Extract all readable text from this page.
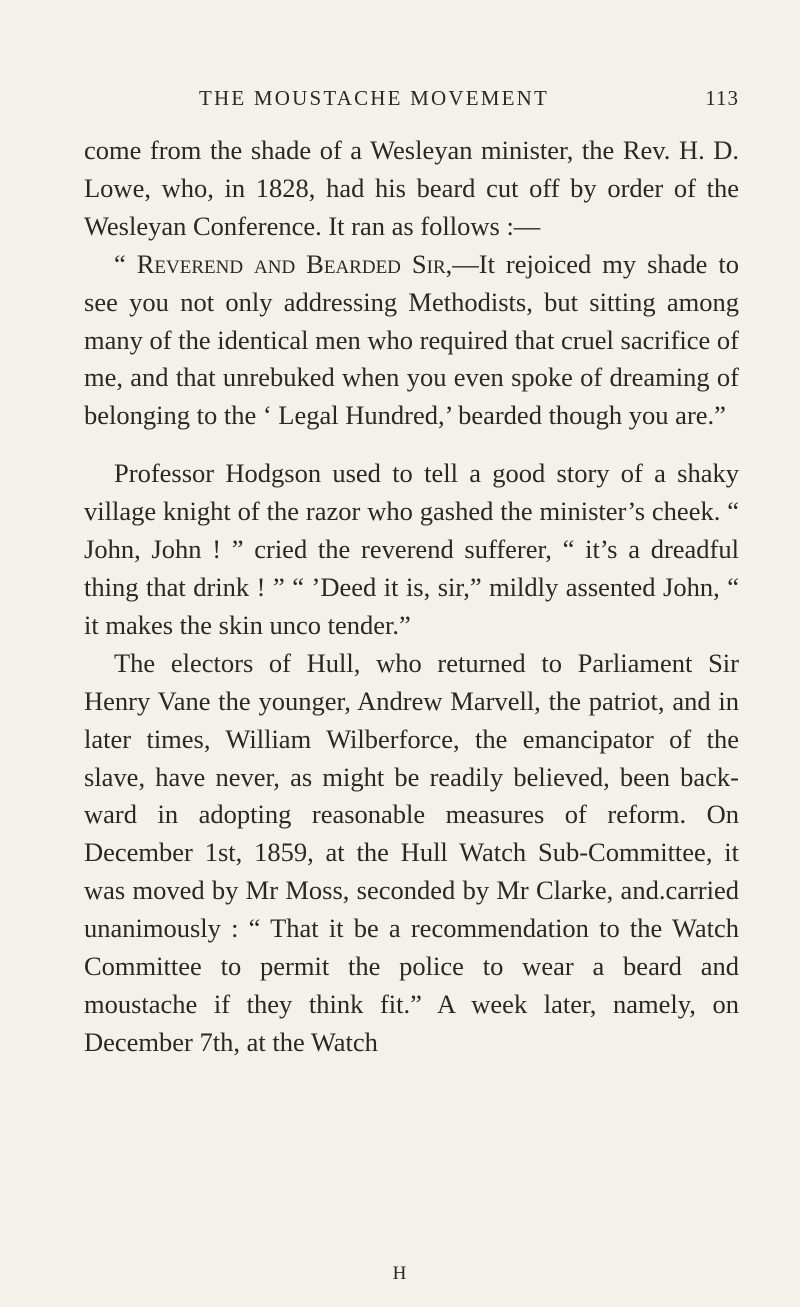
THE MOUSTACHE MOVEMENT	113

come from the shade of a Wesleyan minister, the Rev. H. D. Lowe, who, in 1828, had his beard cut off by order of the Wesleyan Conference. It ran as follows :—

“ Reverend and Bearded Sir,—It rejoiced my shade to see you not only addressing Methodists, but sitting among many of the identical men who required that cruel sacrifice of me, and that unrebuked when you even spoke of dreaming of belonging to the ‘ Legal Hundred,’ bearded though you are.”

Professor Hodgson used to tell a good story of a shaky village knight of the razor who gashed the minister’s cheek. “ John, John ! ” cried the reverend sufferer, “ it’s a dreadful thing that drink ! ” “ ’Deed it is, sir,” mildly assented John, “ it makes the skin unco tender.”

The electors of Hull, who returned to Parliament Sir Henry Vane the younger, Andrew Marvell, the patriot, and in later times, William Wilberforce, the emancipator of the slave, have never, as might be readily believed, been backward in adopting reasonable measures of reform. On December 1st, 1859, at the Hull Watch Sub-Committee, it was moved by Mr Moss, seconded by Mr Clarke, and.carried unanimously : “ That it be a recommendation to the Watch Committee to permit the police to wear a beard and moustache if they think fit.” A week later, namely, on December 7th, at the Watch

H
